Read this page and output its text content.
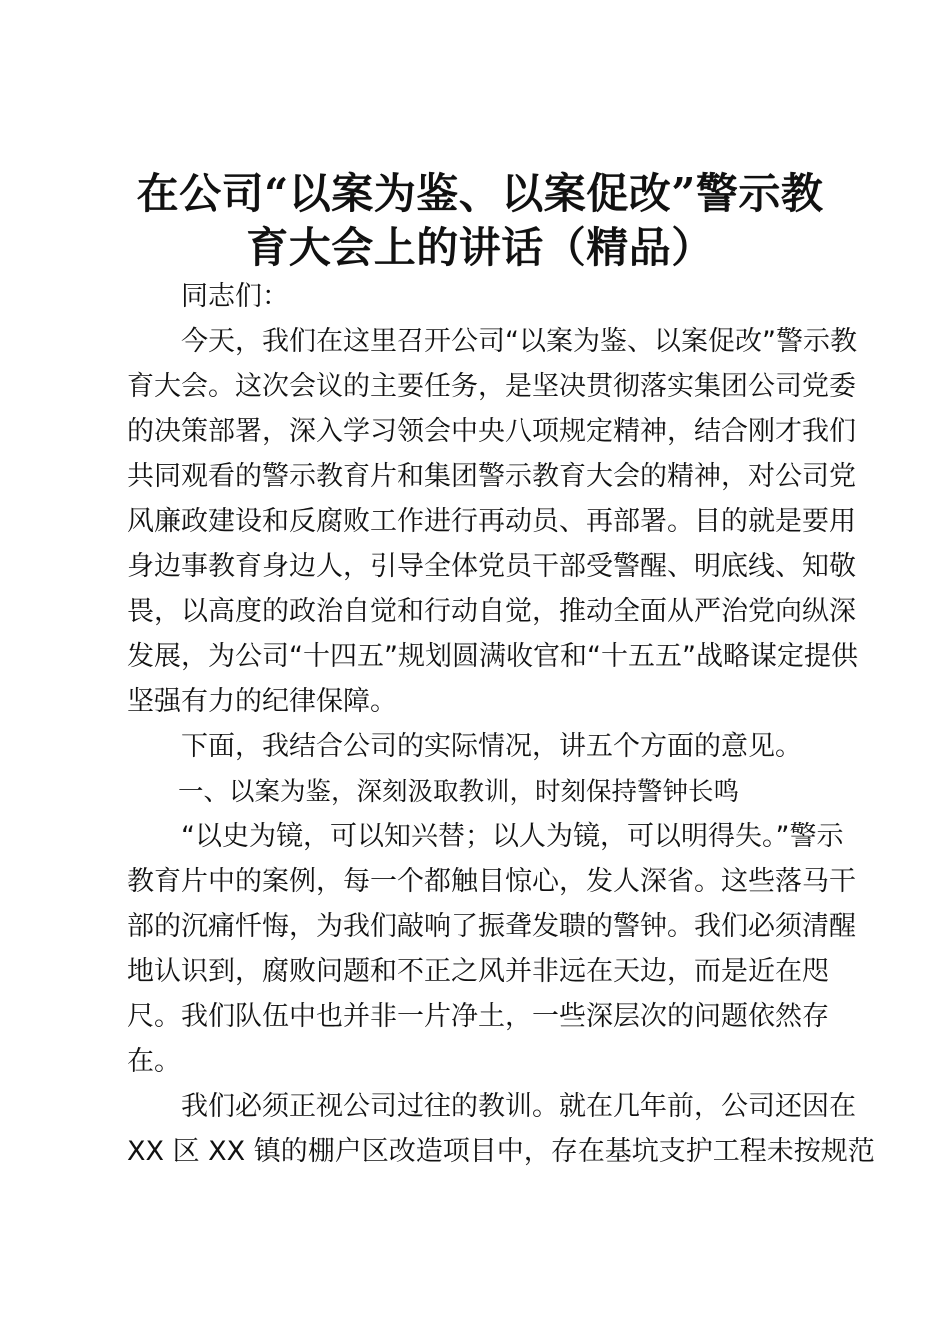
在公司“以案为鉴、以案促改”警示教
育大会上的讲话（精品）
　　同志们：
　　今天，我们在这里召开公司“以案为鉴、以案促改”警示教
育大会。这次会议的主要任务，是坚决贯彻落实集团公司党委
的决策部署，深入学习领会中央八项规定精神，结合刚才我们
共同观看的警示教育片和集团警示教育大会的精神，对公司党
风廉政建设和反腐败工作进行再动员、再部署。目的就是要用
身边事教育身边人，引导全体党员干部受警醒、明底线、知敬
畏，以高度的政治自觉和行动自觉，推动全面从严治党向纵深
发展，为公司“十四五”规划圆满收官和“十五五”战略谋定提供
坚强有力的纪律保障。
　　下面，我结合公司的实际情况，讲五个方面的意见。
　　一、以案为鉴，深刻汲取教训，时刻保持警钟长鸣
　　“以史为镜，可以知兴替；以人为镜，可以明得失。”警示
教育片中的案例，每一个都触目惊心，发人深省。这些落马干
部的沉痛忏悔，为我们敲响了振聋发聩的警钟。我们必须清醒
地认识到，腐败问题和不正之风并非远在天边，而是近在咫
尺。我们队伍中也并非一片净土，一些深层次的问题依然存
在。
　　我们必须正视公司过往的教训。就在几年前，公司还因在
XX 区 XX 镇的棚户区改造项目中，存在基坑支护工程未按规范
